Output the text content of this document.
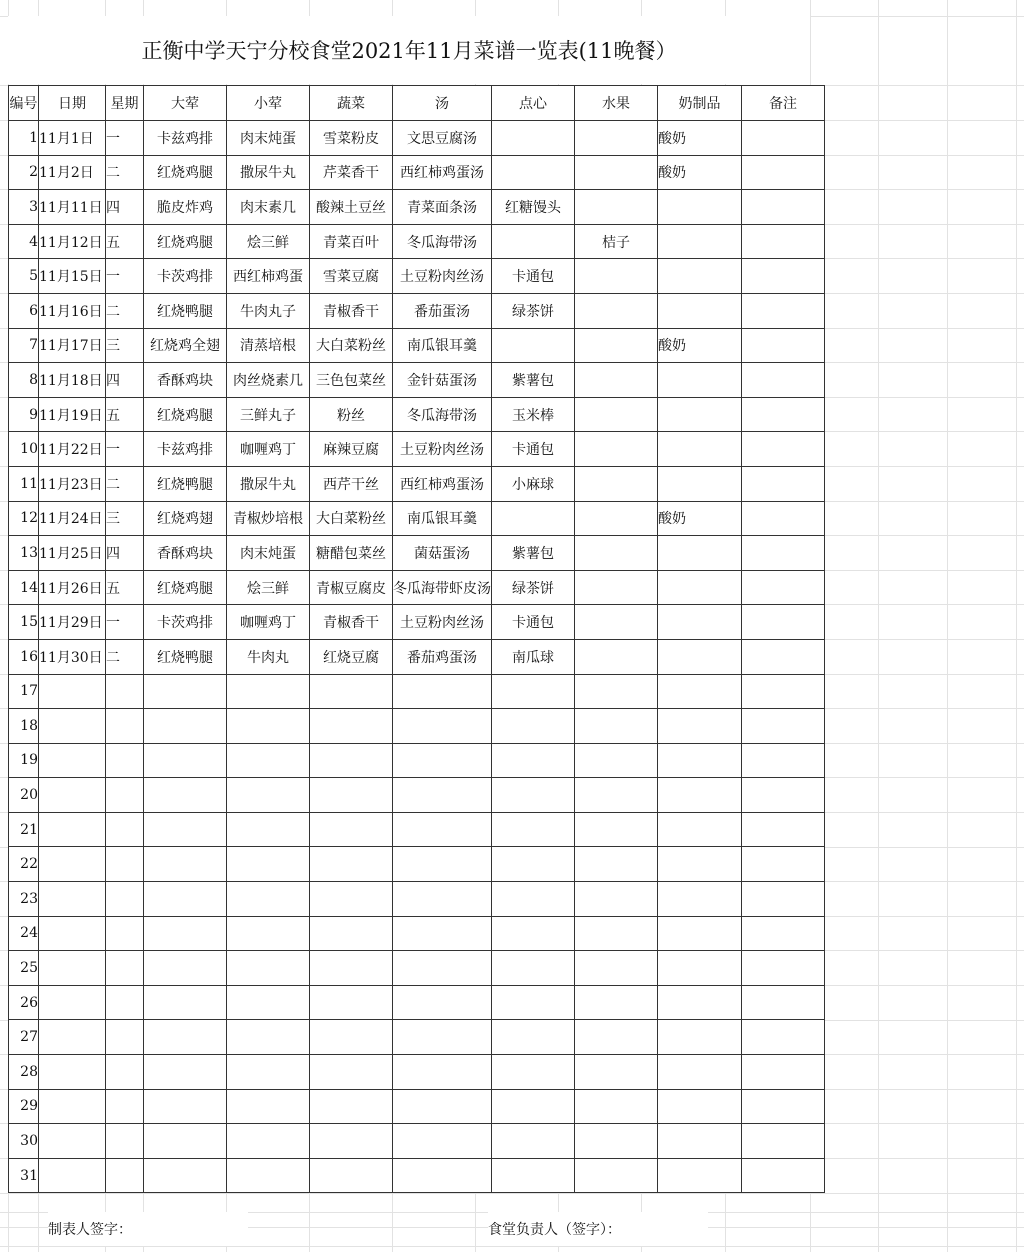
正衡中学天宁分校食堂2021年11月菜谱一览表(11晚餐）
编号	日期	星期	大荤	小荤	蔬菜	汤	点心	水果	奶制品	备注
1	11月1日	一	卡兹鸡排	肉末炖蛋	雪菜粉皮	文思豆腐汤			酸奶	
2	11月2日	二	红烧鸡腿	撒尿牛丸	芹菜香干	西红柿鸡蛋汤			酸奶	
3	11月11日	四	脆皮炸鸡	肉末素几	酸辣土豆丝	青菜面条汤	红糖馒头			
4	11月12日	五	红烧鸡腿	烩三鲜	青菜百叶	冬瓜海带汤		桔子		
5	11月15日	一	卡茨鸡排	西红柿鸡蛋	雪菜豆腐	土豆粉肉丝汤	卡通包			
6	11月16日	二	红烧鸭腿	牛肉丸子	青椒香干	番茄蛋汤	绿茶饼			
7	11月17日	三	红烧鸡全翅	清蒸培根	大白菜粉丝	南瓜银耳羹			酸奶	
8	11月18日	四	香酥鸡块	肉丝烧素几	三色包菜丝	金针菇蛋汤	紫薯包			
9	11月19日	五	红烧鸡腿	三鲜丸子	粉丝	冬瓜海带汤	玉米棒			
10	11月22日	一	卡兹鸡排	咖喱鸡丁	麻辣豆腐	土豆粉肉丝汤	卡通包			
11	11月23日	二	红烧鸭腿	撒尿牛丸	西芹干丝	西红柿鸡蛋汤	小麻球			
12	11月24日	三	红烧鸡翅	青椒炒培根	大白菜粉丝	南瓜银耳羹			酸奶	
13	11月25日	四	香酥鸡块	肉末炖蛋	糖醋包菜丝	菌菇蛋汤	紫薯包			
14	11月26日	五	红烧鸡腿	烩三鲜	青椒豆腐皮	冬瓜海带虾皮汤	绿茶饼			
15	11月29日	一	卡茨鸡排	咖喱鸡丁	青椒香干	土豆粉肉丝汤	卡通包			
16	11月30日	二	红烧鸭腿	牛肉丸	红烧豆腐	番茄鸡蛋汤	南瓜球			
17										
18										
19										
20										
21										
22										
23										
24										
25										
26										
27										
28										
29										
30										
31										
制表人签字：	食堂负责人（签字）：
